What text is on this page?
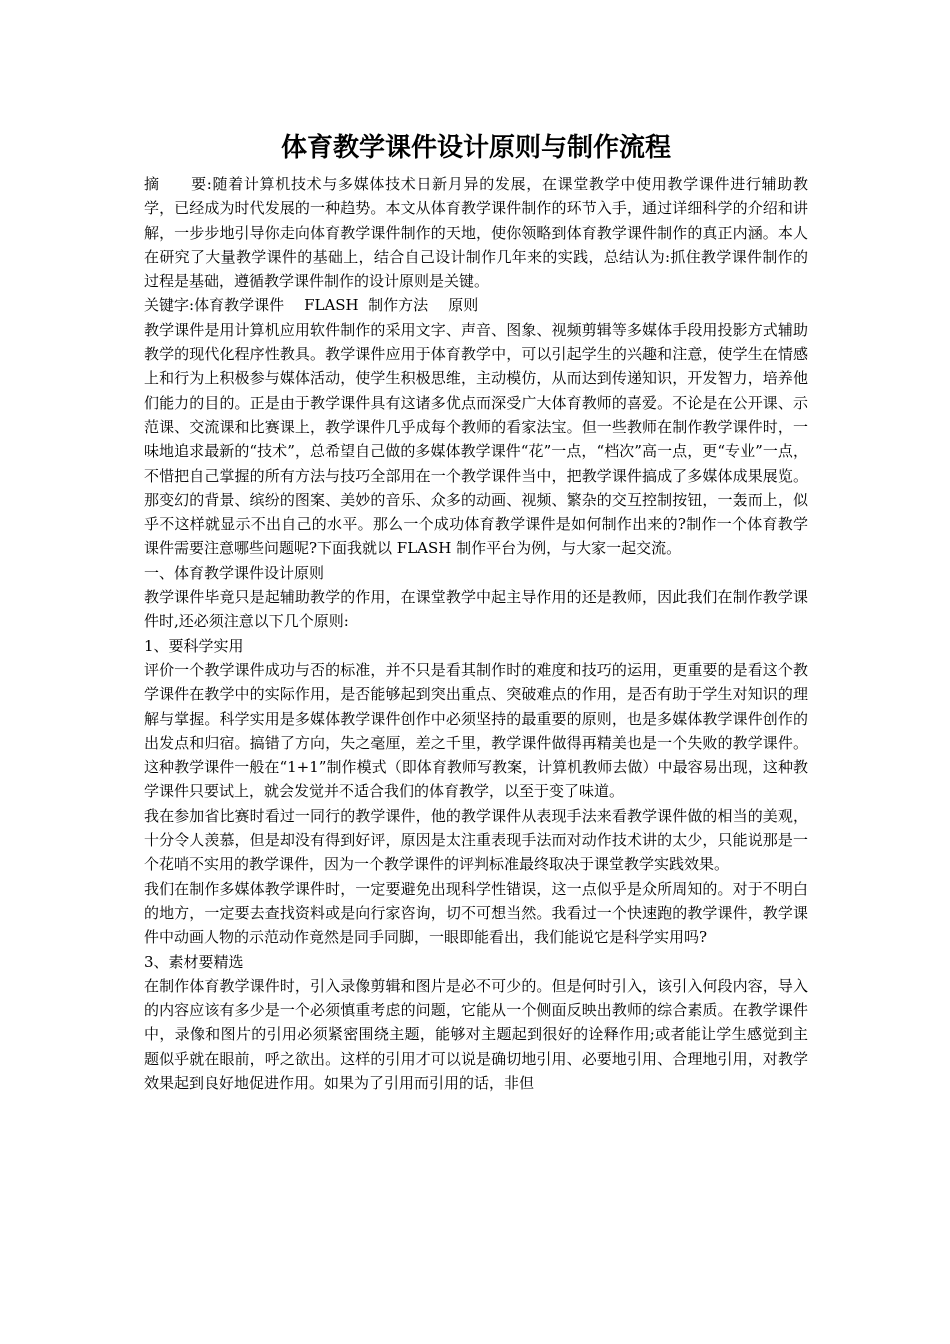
体育教学课件设计原则与制作流程

摘　　要:随着计算机技术与多媒体技术日新月异的发展，在课堂教学中使用教学课件进行辅助教学，已经成为时代发展的一种趋势。本文从体育教学课件制作的环节入手，通过详细科学的介绍和讲解，一步步地引导你走向体育教学课件制作的天地，使你领略到体育教学课件制作的真正内涵。本人在研究了大量教学课件的基础上，结合自己设计制作几年来的实践，总结认为:抓住教学课件制作的过程是基础，遵循教学课件制作的设计原则是关键。

关键字:体育教学课件 FLASH  制作方法 原则

教学课件是用计算机应用软件制作的采用文字、声音、图象、视频剪辑等多媒体手段用投影方式辅助教学的现代化程序性教具。教学课件应用于体育教学中，可以引起学生的兴趣和注意，使学生在情感上和行为上积极参与媒体活动，使学生积极思维，主动模仿，从而达到传递知识，开发智力，培养他们能力的目的。正是由于教学课件具有这诸多优点而深受广大体育教师的喜爱。不论是在公开课、示范课、交流课和比赛课上，教学课件几乎成每个教师的看家法宝。但一些教师在制作教学课件时，一味地追求最新的“技术”，总希望自己做的多媒体教学课件“花”一点，“档次”高一点，更“专业”一点，不惜把自己掌握的所有方法与技巧全部用在一个教学课件当中，把教学课件搞成了多媒体成果展览。那变幻的背景、缤纷的图案、美妙的音乐、众多的动画、视频、繁杂的交互控制按钮，一轰而上，似乎不这样就显示不出自己的水平。那么一个成功体育教学课件是如何制作出来的?制作一个体育教学课件需要注意哪些问题呢?下面我就以 FLASH 制作平台为例，与大家一起交流。

一、体育教学课件设计原则

教学课件毕竟只是起辅助教学的作用，在课堂教学中起主导作用的还是教师，因此我们在制作教学课件时,还必须注意以下几个原则:

1、要科学实用

评价一个教学课件成功与否的标准，并不只是看其制作时的难度和技巧的运用，更重要的是看这个教学课件在教学中的实际作用，是否能够起到突出重点、突破难点的作用，是否有助于学生对知识的理解与掌握。科学实用是多媒体教学课件创作中必须坚持的最重要的原则，也是多媒体教学课件创作的出发点和归宿。搞错了方向，失之毫厘，差之千里，教学课件做得再精美也是一个失败的教学课件。这种教学课件一般在“1+1”制作模式（即体育教师写教案，计算机教师去做）中最容易出现，这种教学课件只要试上，就会发觉并不适合我们的体育教学，以至于变了味道。

我在参加省比赛时看过一同行的教学课件，他的教学课件从表现手法来看教学课件做的相当的美观，十分令人羡慕，但是却没有得到好评，原因是太注重表现手法而对动作技术讲的太少，只能说那是一个花哨不实用的教学课件，因为一个教学课件的评判标准最终取决于课堂教学实践效果。

我们在制作多媒体教学课件时，一定要避免出现科学性错误，这一点似乎是众所周知的。对于不明白的地方，一定要去查找资料或是向行家咨询，切不可想当然。我看过一个快速跑的教学课件，教学课件中动画人物的示范动作竟然是同手同脚，一眼即能看出，我们能说它是科学实用吗?

3、素材要精选

在制作体育教学课件时，引入录像剪辑和图片是必不可少的。但是何时引入，该引入何段内容，导入的内容应该有多少是一个必须慎重考虑的问题，它能从一个侧面反映出教师的综合素质。在教学课件中，录像和图片的引用必须紧密围绕主题，能够对主题起到很好的诠释作用;或者能让学生感觉到主题似乎就在眼前，呼之欲出。这样的引用才可以说是确切地引用、必要地引用、合理地引用，对教学效果起到良好地促进作用。如果为了引用而引用的话，非但
